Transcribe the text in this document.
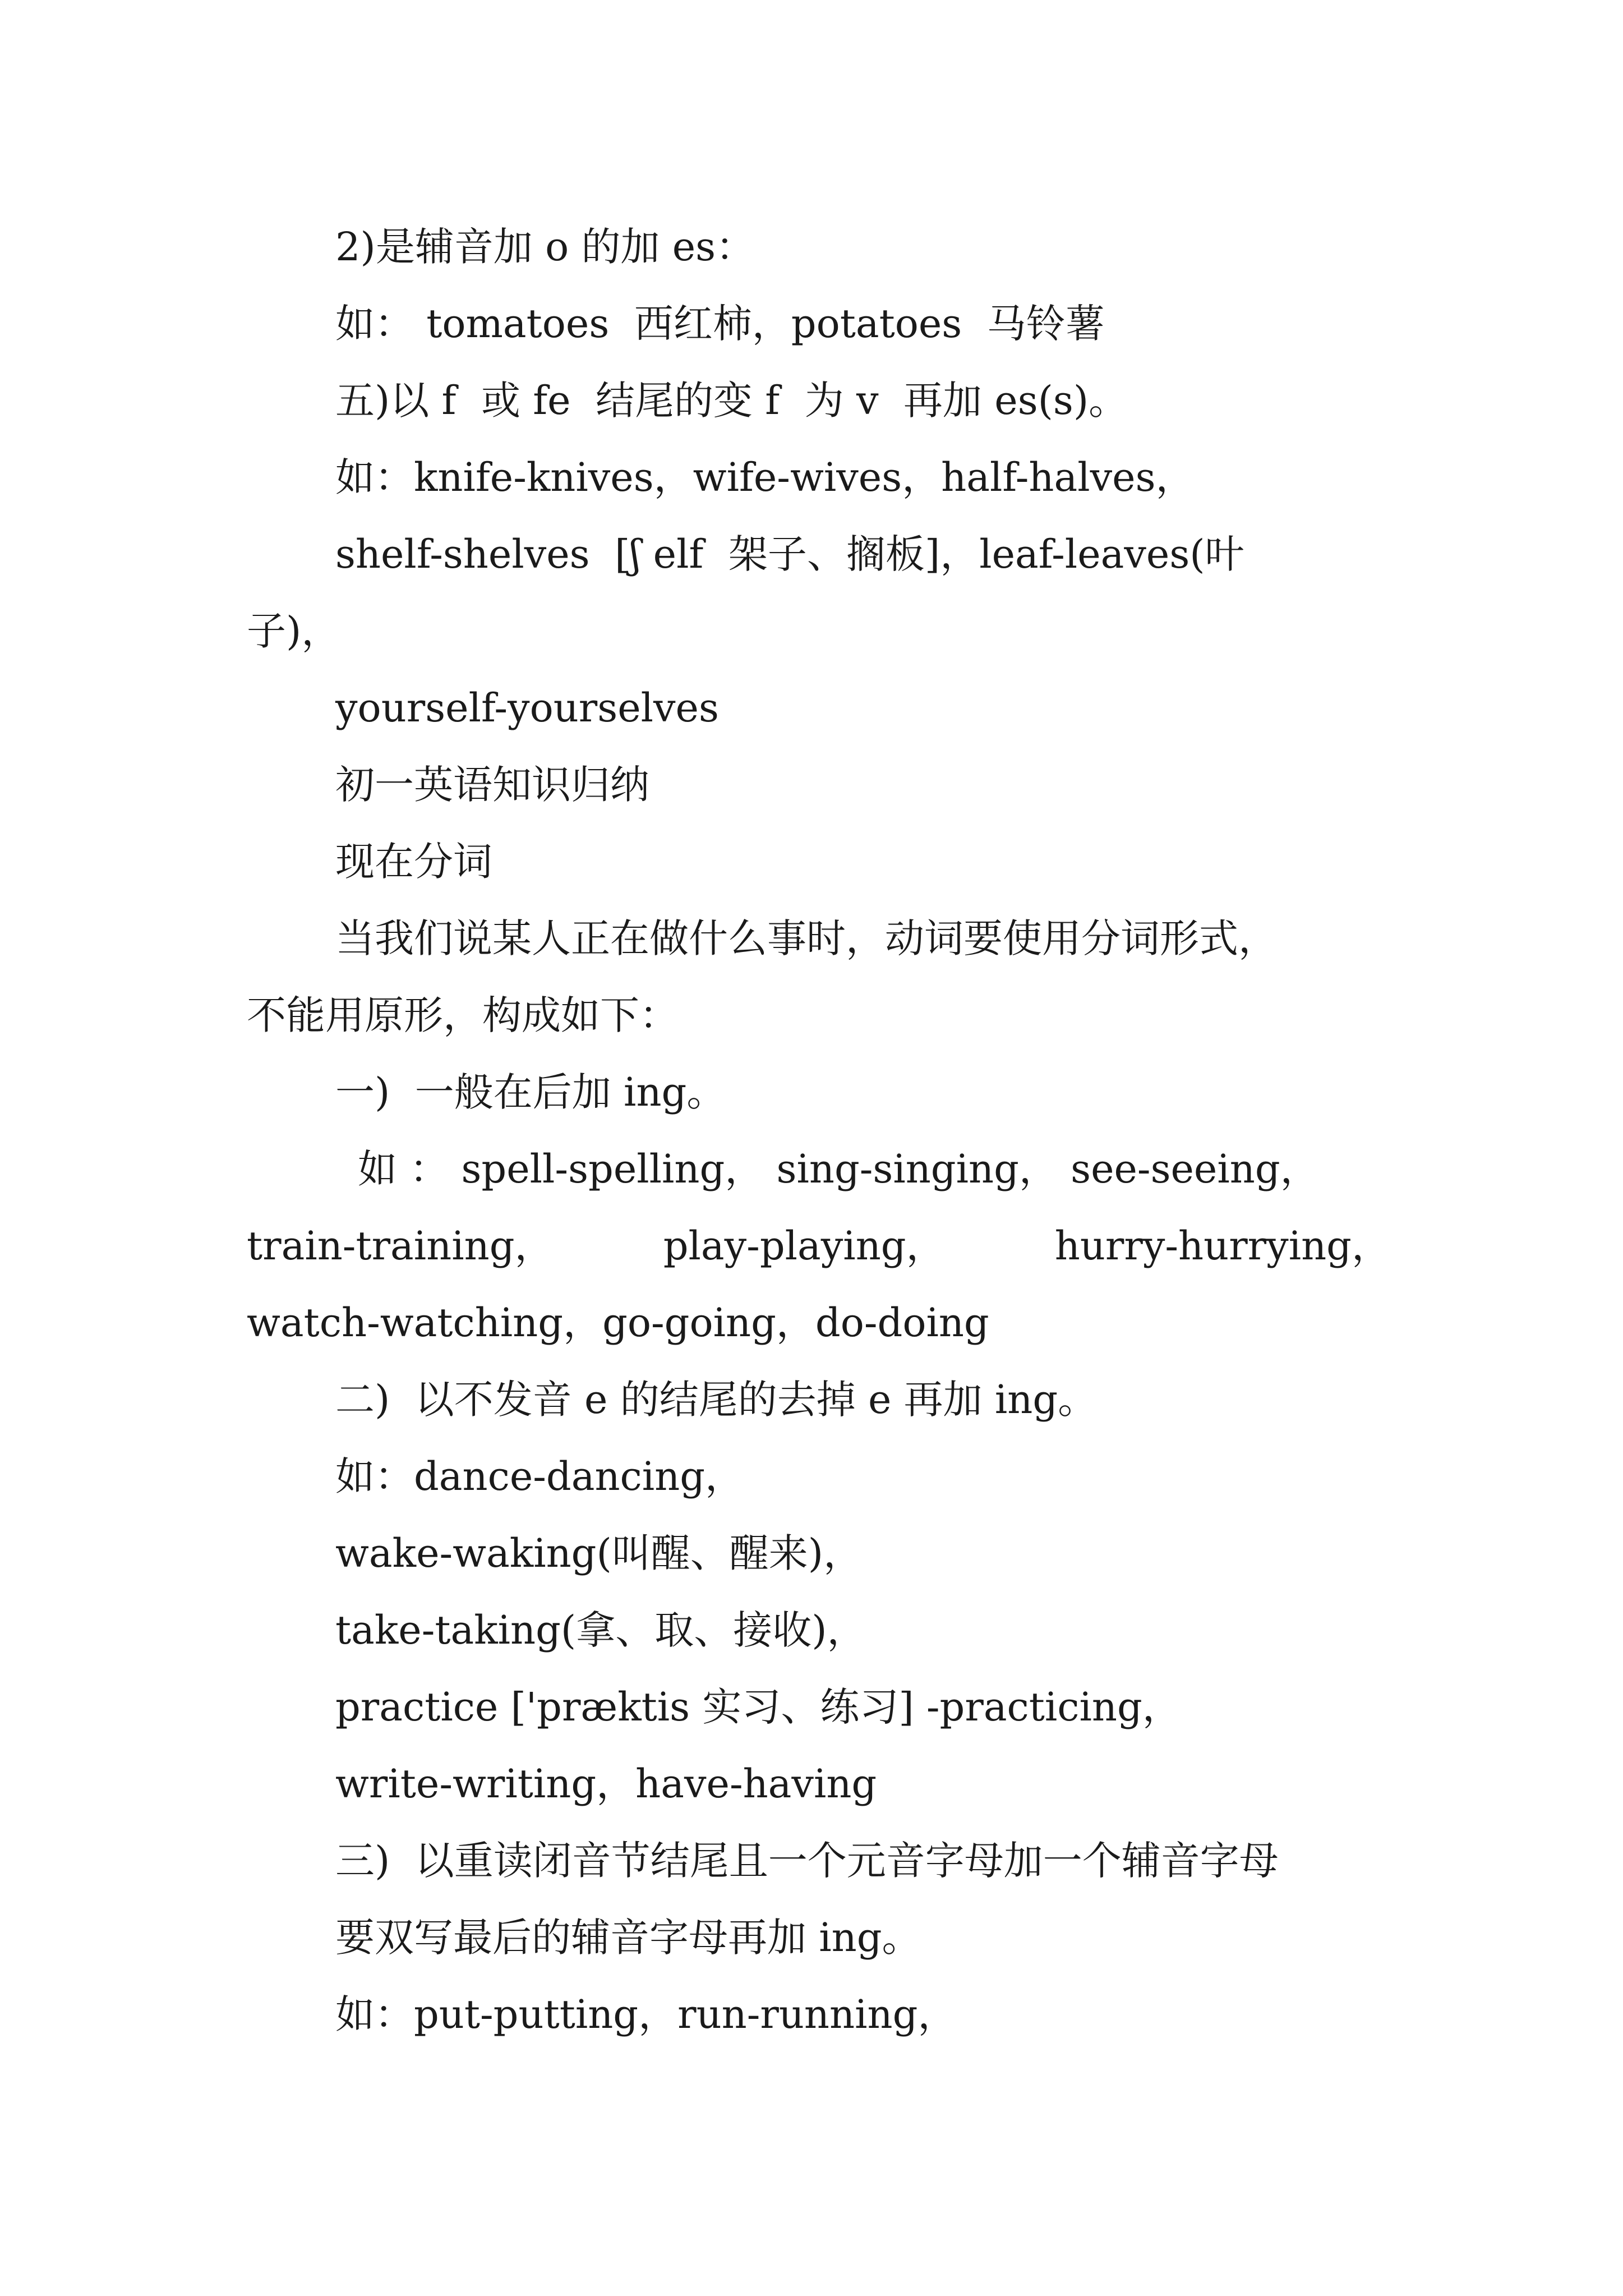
2)是辅音加 o 的加 es：

如： tomatoes  西红柿，potatoes  马铃薯

五)以 f  或 fe  结尾的变 f  为 v  再加 es(s)。

如：knife-knives，wife-wives，half-halves，

shelf-shelves  [ʃ elf  架子、搁板]，leaf-leaves(叶

子)，

yourself-yourselves

初一英语知识归纳

现在分词

当我们说某人正在做什么事时，动词要使用分词形式，

不能用原形，构成如下：

一)  一般在后加 ing。

如 ： spell-spelling， sing-singing， see-seeing，

train-training，	play-playing，	hurry-hurrying，

watch-watching，go-going，do-doing

二)  以不发音 e 的结尾的去掉 e 再加 ing。

如：dance-dancing，

wake-waking(叫醒、醒来)，

take-taking(拿、取、接收)，

practice ['præktis 实习、练习] -practicing，

write-writing，have-having

三)  以重读闭音节结尾且一个元音字母加一个辅音字母

要双写最后的辅音字母再加 ing。

如：put-putting，run-running，
